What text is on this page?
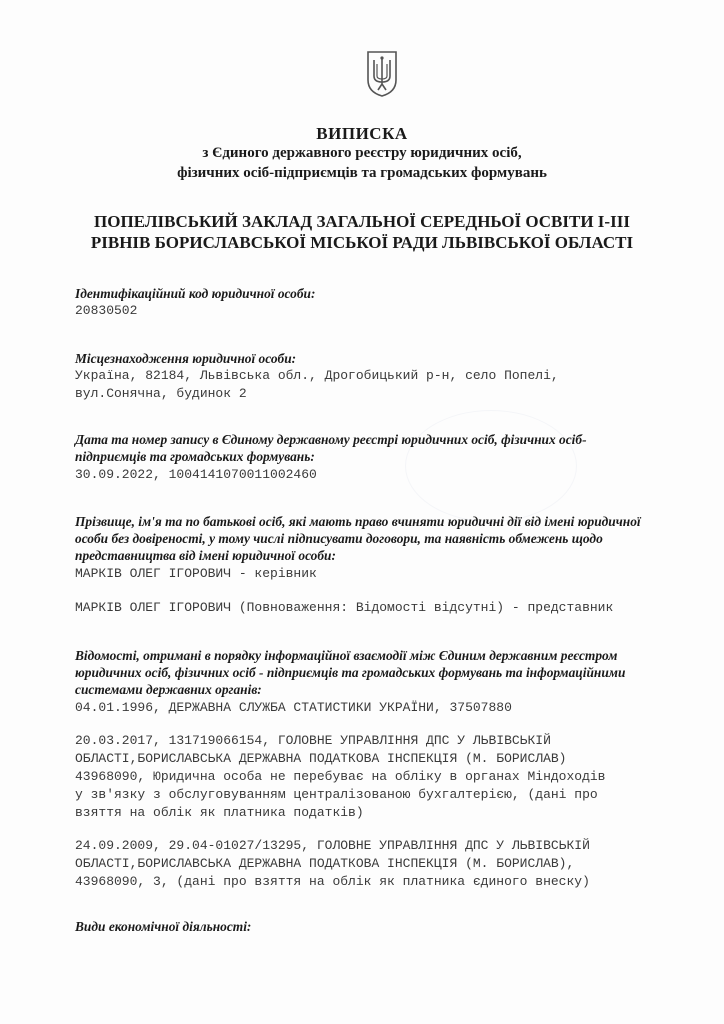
ВИПИСКА
з Єдиного державного реєстру юридичних осіб,
фізичних осіб-підприємців та громадських формувань
ПОПЕЛІВСЬКИЙ ЗАКЛАД ЗАГАЛЬНОЇ СЕРЕДНЬОЇ ОСВІТИ І-ІІІ
РІВНІВ БОРИСЛАВСЬКОЇ МІСЬКОЇ РАДИ ЛЬВІВСЬКОЇ ОБЛАСТІ
Ідентифікаційний код юридичної особи:
20830502
Місцезнаходження юридичної особи:
Україна, 82184, Львівська обл., Дрогобицький р-н, село Попелі,
вул.Сонячна, будинок 2
Дата та номер запису в Єдиному державному реєстрі юридичних осіб, фізичних осіб-
підприємців та громадських формувань:
30.09.2022, 1004141070011002460
Прізвище, ім'я та по батькові осіб, які мають право вчиняти юридичні дії від імені юридичної
особи без довіреності, у тому числі підписувати договори, та наявність обмежень щодо
представництва від імені юридичної особи:
МАРКІВ ОЛЕГ ІГОРОВИЧ - керівник
МАРКІВ ОЛЕГ ІГОРОВИЧ (Повноваження: Відомості відсутні) - представник
Відомості, отримані в порядку інформаційної взаємодії між Єдиним державним реєстром
юридичних осіб, фізичних осіб - підприємців та громадських формувань та інформаційними
системами державних органів:
04.01.1996, ДЕРЖАВНА СЛУЖБА СТАТИСТИКИ УКРАЇНИ, 37507880
20.03.2017, 131719066154, ГОЛОВНЕ УПРАВЛІННЯ ДПС У ЛЬВІВСЬКІЙ
ОБЛАСТІ,БОРИСЛАВСЬКА ДЕРЖАВНА ПОДАТКОВА ІНСПЕКЦІЯ (М. БОРИСЛАВ)
43968090, Юридична особа не перебуває на обліку в органах Міндоходів
у зв'язку з обслуговуванням централізованою бухгалтерією, (дані про
взяття на облік як платника податків)
24.09.2009, 29.04-01027/13295, ГОЛОВНЕ УПРАВЛІННЯ ДПС У ЛЬВІВСЬКІЙ
ОБЛАСТІ,БОРИСЛАВСЬКА ДЕРЖАВНА ПОДАТКОВА ІНСПЕКЦІЯ (М. БОРИСЛАВ),
43968090, 3, (дані про взяття на облік як платника єдиного внеску)
Види економічної діяльності:
